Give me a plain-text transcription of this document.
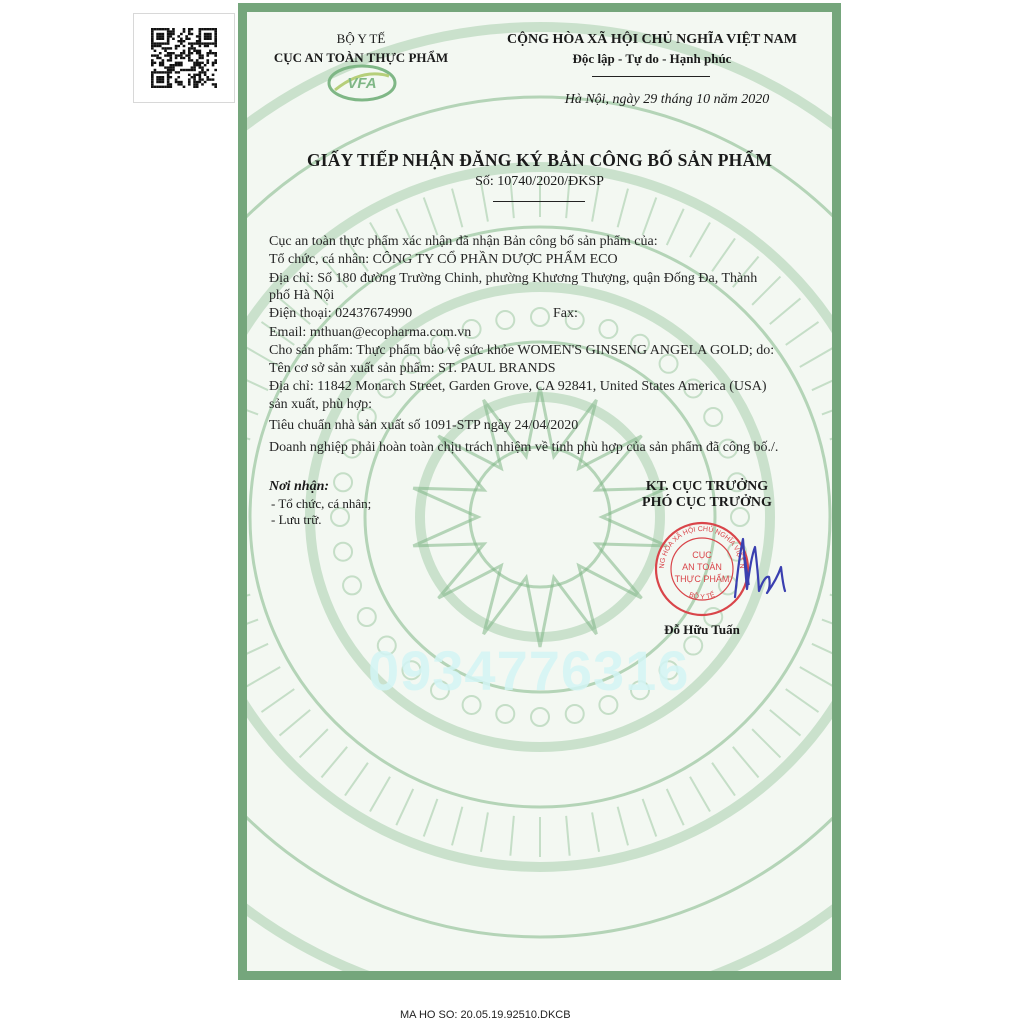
BỘ Y TẾ
CỤC AN TOÀN THỰC PHẨM
VFA
CỘNG HÒA XÃ HỘI CHỦ NGHĨA VIỆT NAM
Độc lập - Tự do - Hạnh phúc
Hà Nội, ngày 29 tháng 10 năm 2020
GIẤY TIẾP NHẬN ĐĂNG KÝ BẢN CÔNG BỐ SẢN PHẨM
Số: 10740/2020/ĐKSP
Cục an toàn thực phẩm xác nhận đã nhận Bản công bố sản phẩm của:
Tổ chức, cá nhân: CÔNG TY CỔ PHẦN DƯỢC PHẨM ECO
Địa chỉ: Số 180 đường Trường Chinh, phường Khương Thượng, quận Đống Đa, Thành
phố Hà Nội
Điện thoại: 02437674990	Fax:
Email: mthuan@ecopharma.com.vn
Cho sản phẩm: Thực phẩm bảo vệ sức khỏe WOMEN'S GINSENG ANGELA GOLD; do:
Tên cơ sở sản xuất sản phẩm: ST. PAUL BRANDS
Địa chỉ: 11842 Monarch Street, Garden Grove, CA 92841, United States America (USA)
sản xuất, phù hợp:
Tiêu chuẩn nhà sản xuất số 1091-STP ngày 24/04/2020
Doanh nghiệp phải hoàn toàn chịu trách nhiệm về tính phù hợp của sản phẩm đã công bố./.
Nơi nhận:
- Tổ chức, cá nhân;
- Lưu trữ.
KT. CỤC TRƯỞNG
PHÓ CỤC TRƯỞNG
NG HÒA XÃ HỘI CHỦ NGHĨA VIỆT N
BỘ Y TẾ
CỤC
AN TOÀN
THỰC PHẨM
Đỗ Hữu Tuấn
0934776316
MA HO SO: 20.05.19.92510.DKCB
